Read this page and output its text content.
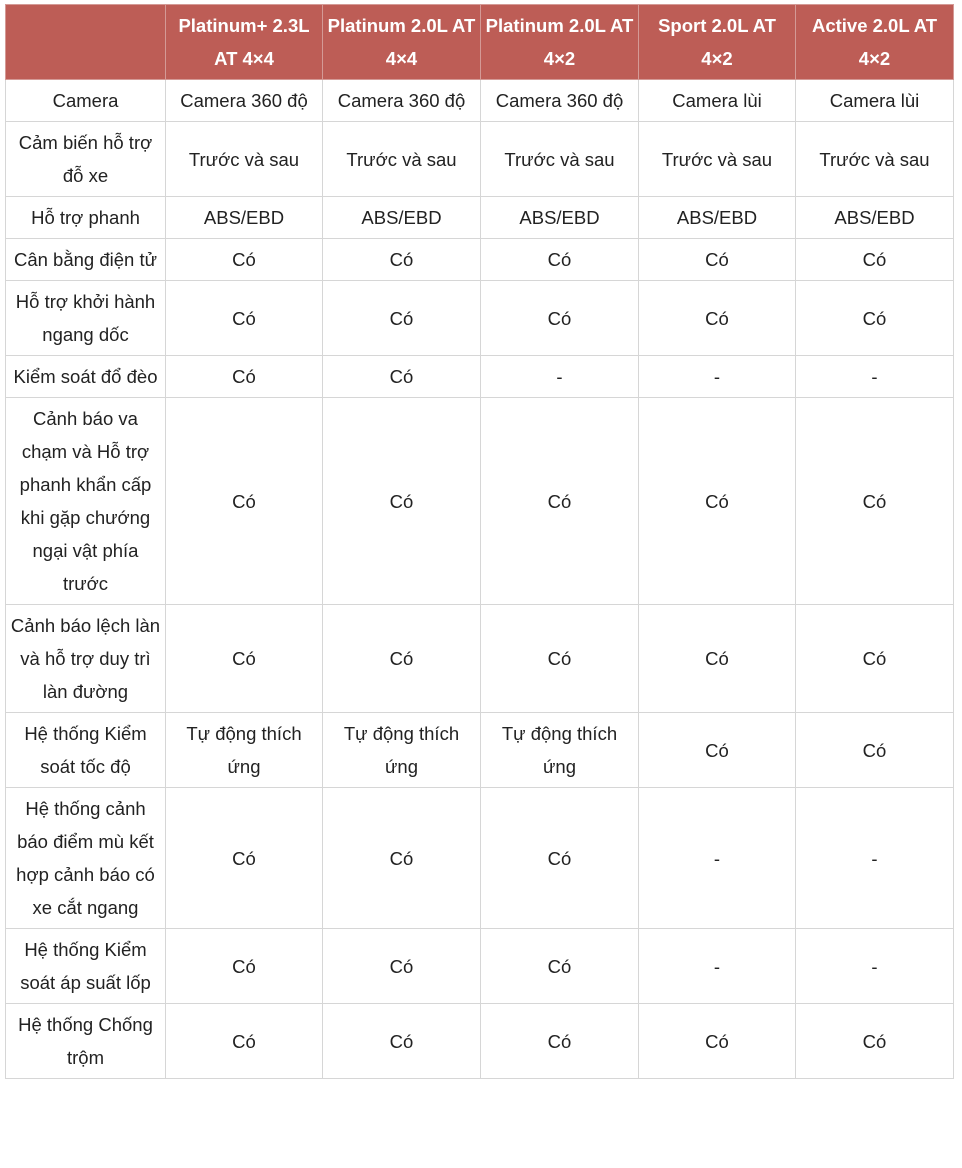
	Platinum+ 2.3L AT 4×4	Platinum 2.0L AT 4×4	Platinum 2.0L AT 4×2	Sport 2.0L AT 4×2	Active 2.0L AT 4×2
Camera	Camera 360 độ	Camera 360 độ	Camera 360 độ	Camera lùi	Camera lùi
Cảm biến hỗ trợ đỗ xe	Trước và sau	Trước và sau	Trước và sau	Trước và sau	Trước và sau
Hỗ trợ phanh	ABS/EBD	ABS/EBD	ABS/EBD	ABS/EBD	ABS/EBD
Cân bằng điện tử	Có	Có	Có	Có	Có
Hỗ trợ khởi hành ngang dốc	Có	Có	Có	Có	Có
Kiểm soát đổ đèo	Có	Có	-	-	-
Cảnh báo va chạm và Hỗ trợ phanh khẩn cấp khi gặp chướng ngại vật phía trước	Có	Có	Có	Có	Có
Cảnh báo lệch làn và hỗ trợ duy trì làn đường	Có	Có	Có	Có	Có
Hệ thống Kiểm soát tốc độ	Tự động thích ứng	Tự động thích ứng	Tự động thích ứng	Có	Có
Hệ thống cảnh báo điểm mù kết hợp cảnh báo có xe cắt ngang	Có	Có	Có	-	-
Hệ thống Kiểm soát áp suất lốp	Có	Có	Có	-	-
Hệ thống Chống trộm	Có	Có	Có	Có	Có
